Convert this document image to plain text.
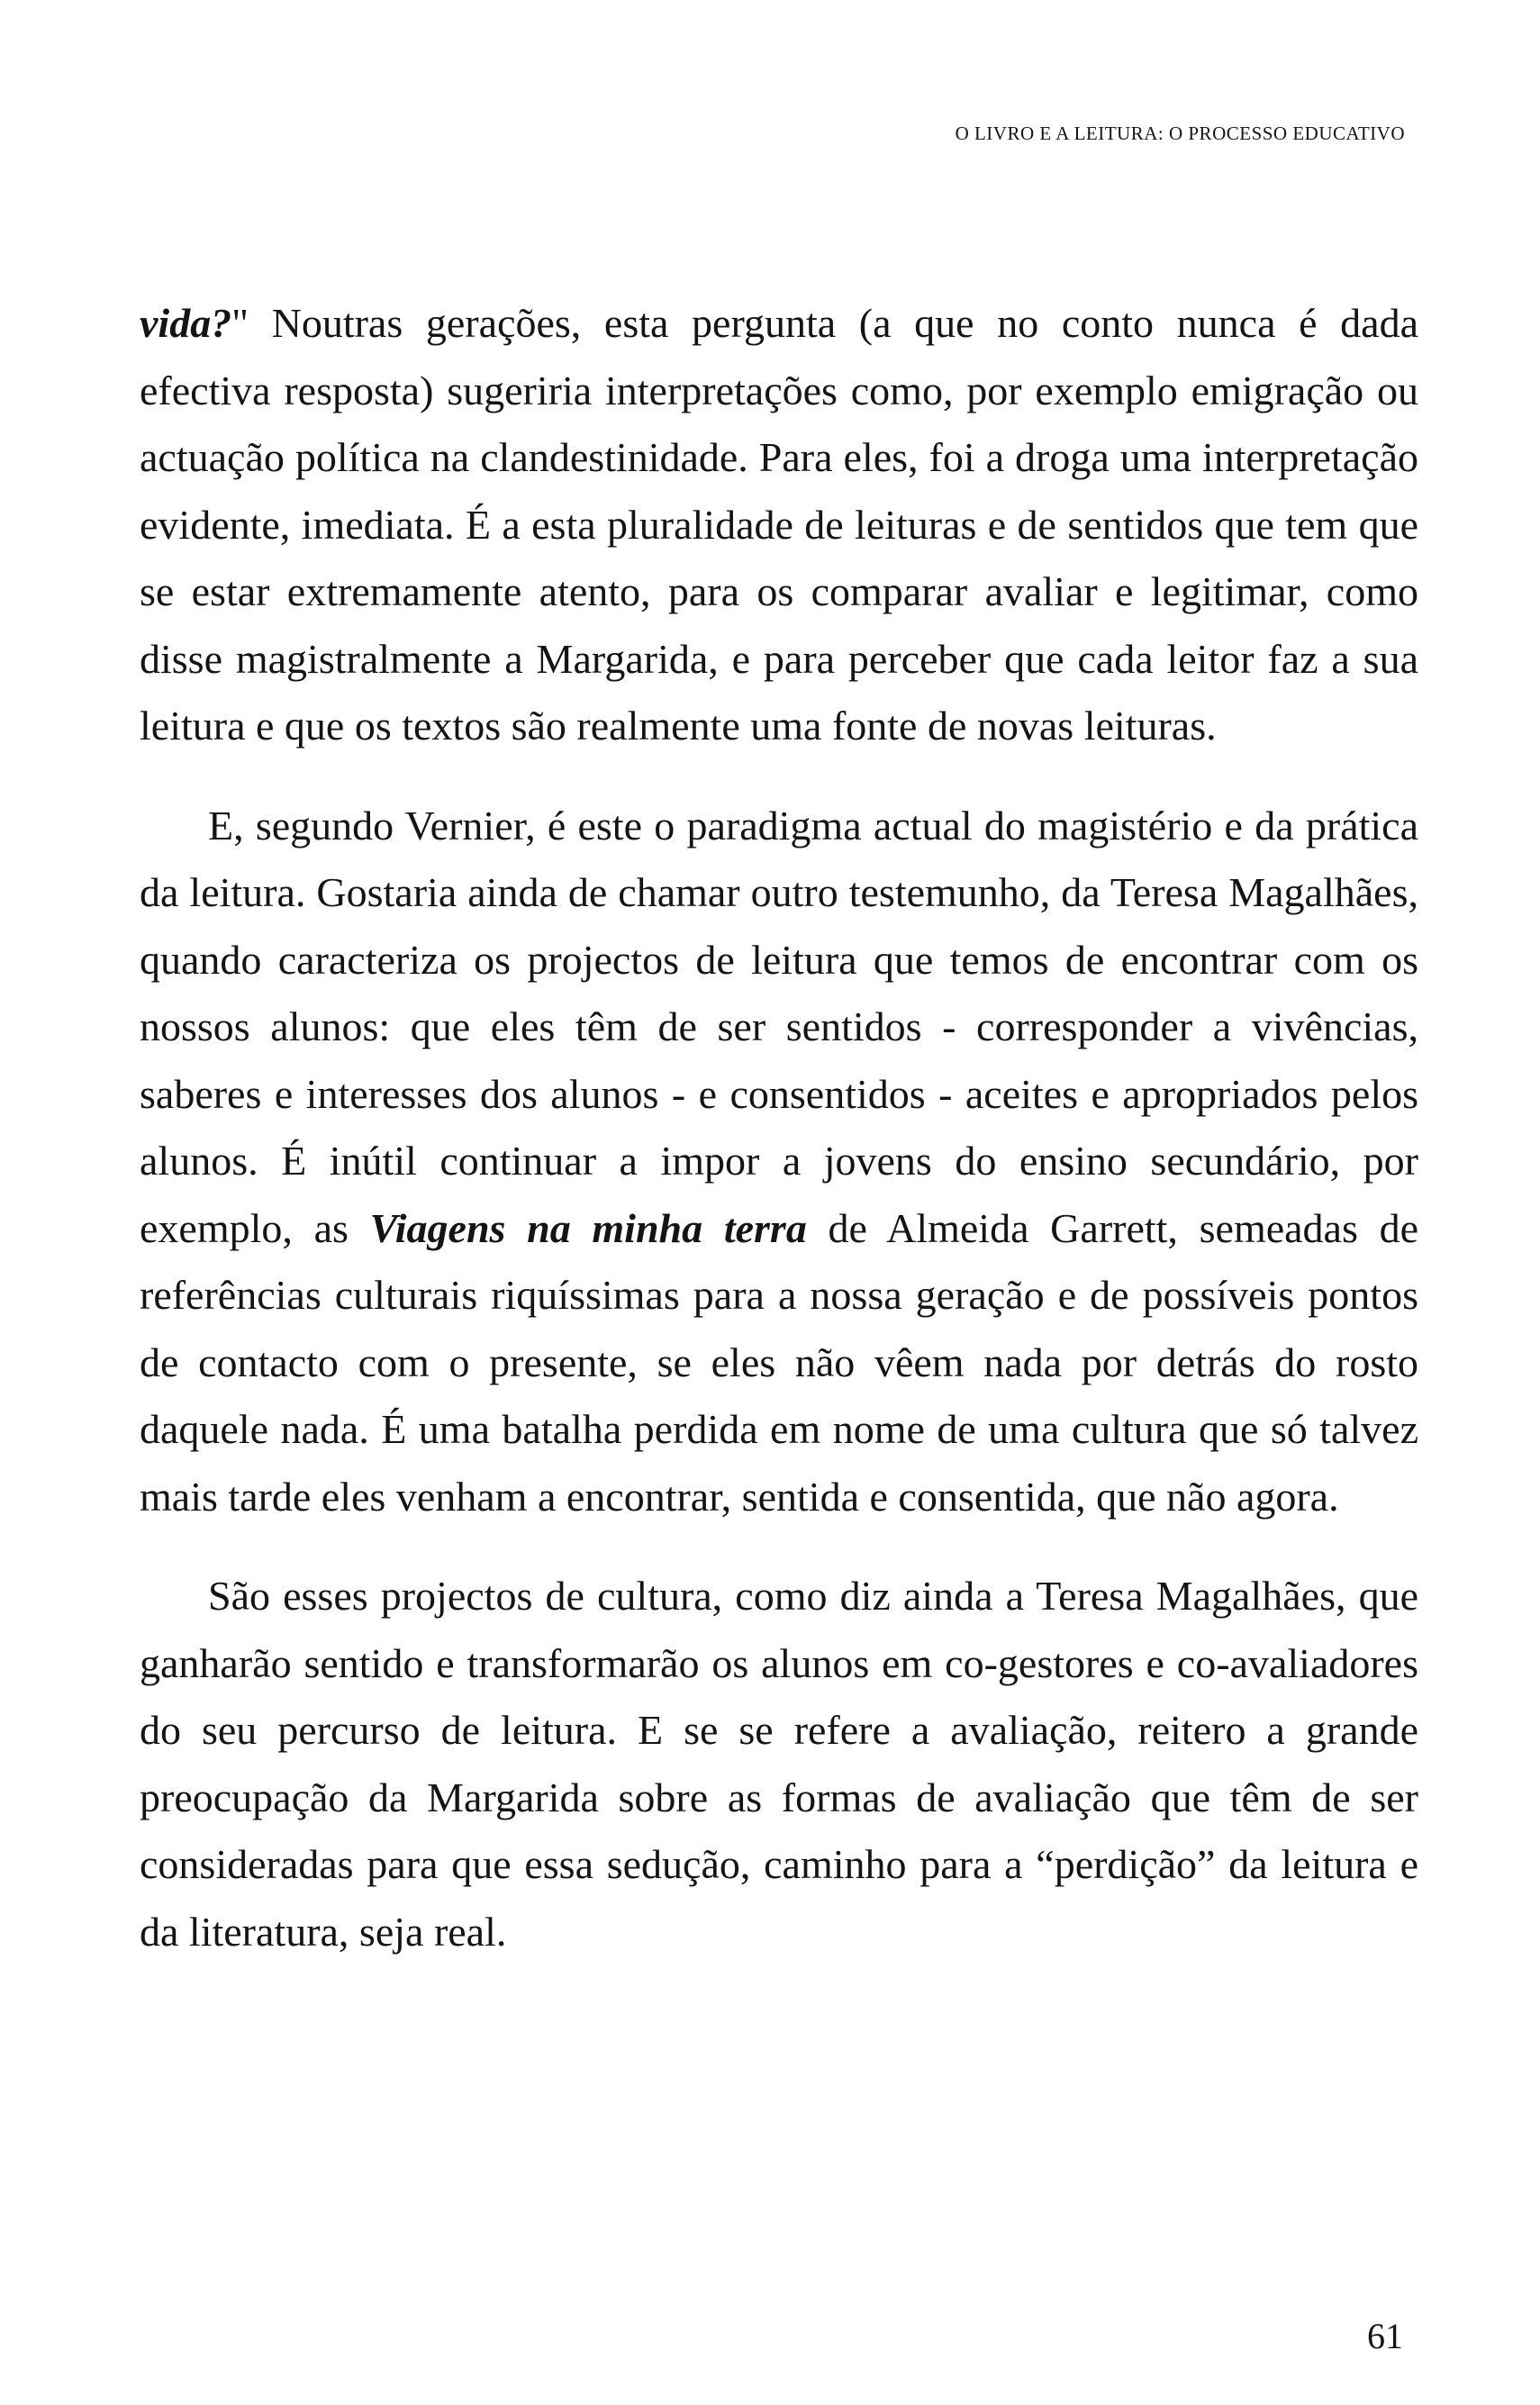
O LIVRO E A LEITURA: O PROCESSO EDUCATIVO

vida?" Noutras gerações, esta pergunta (a que no conto nunca é dada efectiva resposta) sugeriria interpretações como, por exemplo emigração ou actuação política na clandestinidade. Para eles, foi a droga uma interpretação evidente, imediata. É a esta pluralidade de leituras e de sentidos que tem que se estar extremamente atento, para os comparar avaliar e legitimar, como disse magistralmente a Margarida, e para perceber que cada leitor faz a sua leitura e que os textos são realmente uma fonte de novas leituras.

E, segundo Vernier, é este o paradigma actual do magistério e da prática da leitura. Gostaria ainda de chamar outro testemunho, da Teresa Magalhães, quando caracteriza os projectos de leitura que temos de encontrar com os nossos alunos: que eles têm de ser sentidos - corresponder a vivências, saberes e interesses dos alunos - e consentidos - aceites e apropriados pelos alunos. É inútil continuar a impor a jovens do ensino secundário, por exemplo, as Viagens na minha terra de Almeida Garrett, semeadas de referências culturais riquíssimas para a nossa geração e de possíveis pontos de contacto com o presente, se eles não vêem nada por detrás do rosto daquele nada. É uma batalha perdida em nome de uma cultura que só talvez mais tarde eles venham a encontrar, sentida e consentida, que não agora.

São esses projectos de cultura, como diz ainda a Teresa Magalhães, que ganharão sentido e transformarão os alunos em co-gestores e co-avaliadores do seu percurso de leitura. E se se refere a avaliação, reitero a grande preocupação da Margarida sobre as formas de avaliação que têm de ser consideradas para que essa sedução, caminho para a “perdição” da leitura e da literatura, seja real.

61
